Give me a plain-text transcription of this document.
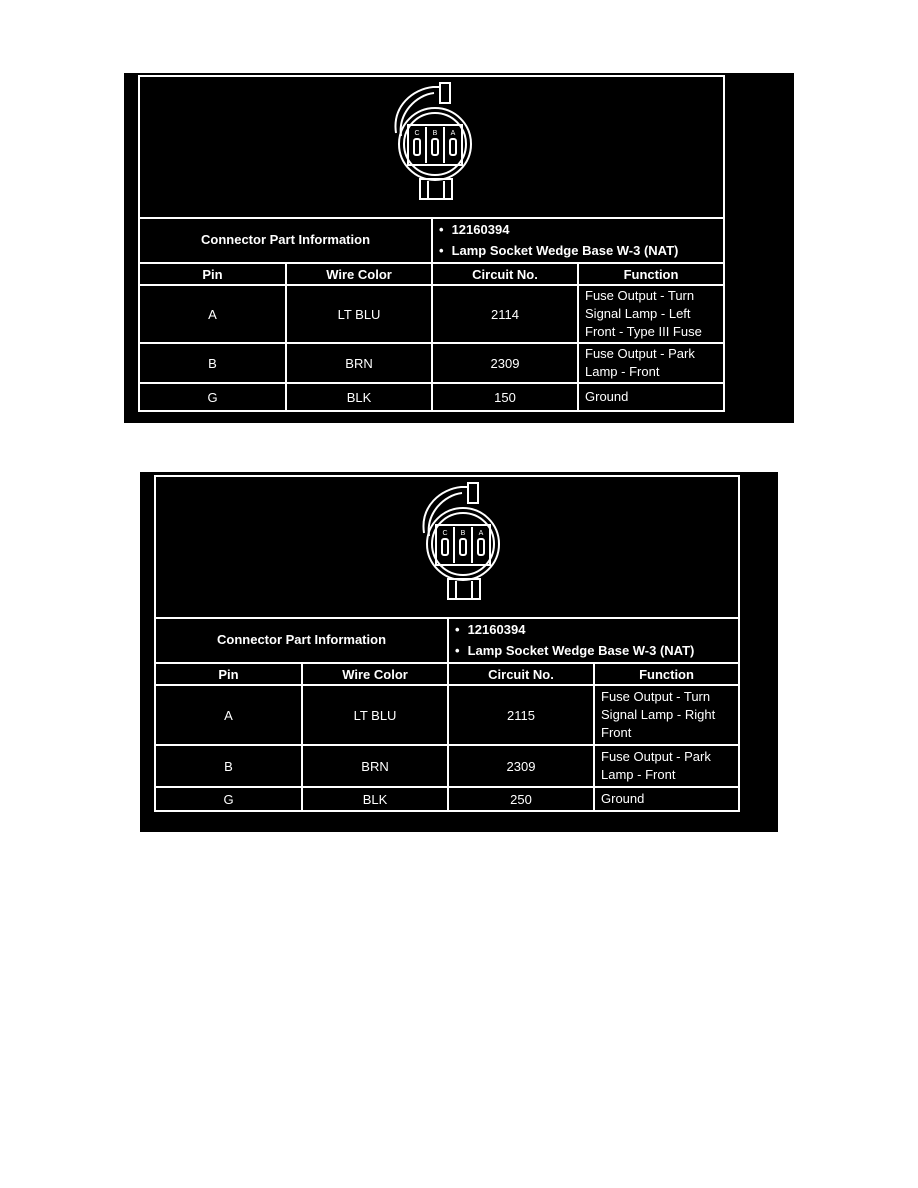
C B A
Connector Part Information		• 12160394
• Lamp Socket Wedge Base W-3 (NAT)

Pin	Wire Color	Circuit No.	Function
A	LT BLU	2114	Fuse Output - Turn
Signal Lamp - Left
Front - Type III Fuse

B	BRN	2309	Fuse Output - Park
Lamp - Front

G	BLK	150	Ground
C B A
Connector Part Information		• 12160394
• Lamp Socket Wedge Base W-3 (NAT)

Pin	Wire Color	Circuit No.	Function
A	LT BLU	2115	Fuse Output - Turn
Signal Lamp - Right
Front

B	BRN	2309	Fuse Output - Park
Lamp - Front

G	BLK	250	Ground
